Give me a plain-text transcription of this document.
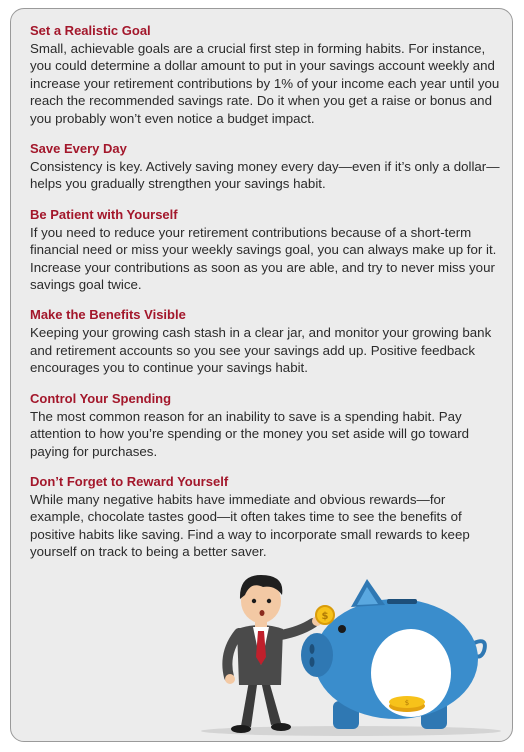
Set a Realistic Goal

Small, achievable goals are a crucial first step in forming habits. For instance, you could determine a dollar amount to put in your savings account weekly and increase your retirement contributions by 1% of your income each year until you reach the recommended savings rate. Do it when you get a raise or bonus and you probably won’t even notice a budget impact.

Save Every Day

Consistency is key. Actively saving money every day—even if it’s only a dollar—helps you gradually strengthen your savings habit.

Be Patient with Yourself

If you need to reduce your retirement contributions because of a short-term financial need or miss your weekly savings goal, you can always make up for it. Increase your contributions as soon as you are able, and try to never miss your savings goal twice.

Make the Benefits Visible

Keeping your growing cash stash in a clear jar, and monitor your growing bank and retirement accounts so you see your savings add up. Positive feedback encourages you to continue your savings habit.

Control Your Spending

The most common reason for an inability to save is a spending habit. Pay attention to how you’re spending or the money you set aside will go toward paying for purchases.

Don’t Forget to Reward Yourself

While many negative habits have immediate and obvious rewards—for example, chocolate tastes good—it often takes time to see the benefits of positive habits like saving. Find a way to incorporate small rewards to keep yourself on track to being a better saver.

$
$
